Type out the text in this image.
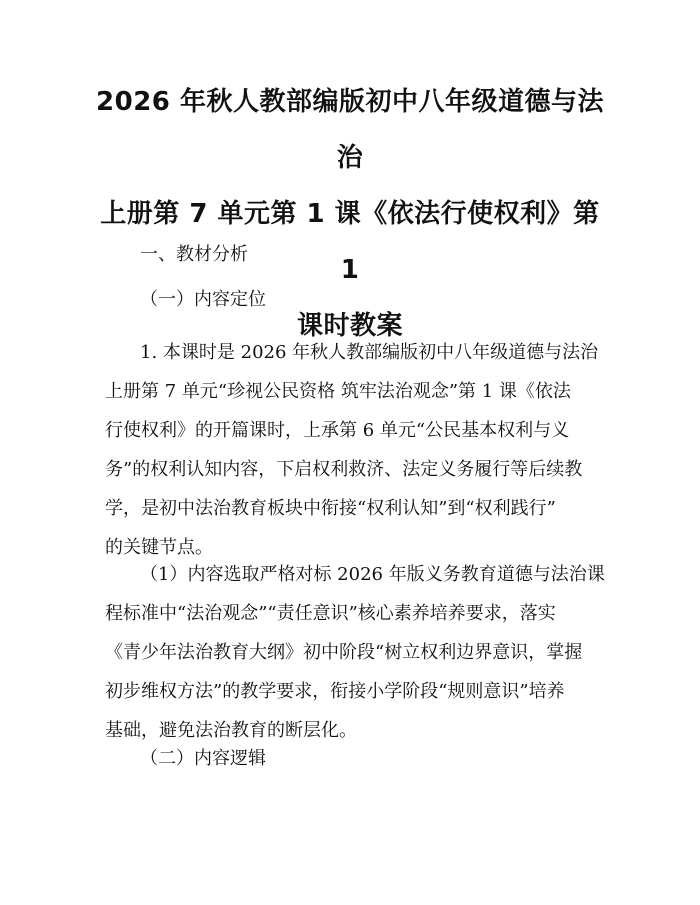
2026 年秋人教部编版初中八年级道德与法治
上册第 7 单元第 1 课《依法行使权利》第 1
课时教案
一、教材分析
（一）内容定位
1. 本课时是 2026 年秋人教部编版初中八年级道德与法治
上册第 7 单元“珍视公民资格 筑牢法治观念”第 1 课《依法
行使权利》的开篇课时，上承第 6 单元“公民基本权利与义
务”的权利认知内容，下启权利救济、法定义务履行等后续教
学，是初中法治教育板块中衔接“权利认知”到“权利践行”
的关键节点。
（1）内容选取严格对标 2026 年版义务教育道德与法治课
程标准中“法治观念”“责任意识”核心素养培养要求，落实
《青少年法治教育大纲》初中阶段“树立权利边界意识，掌握
初步维权方法”的教学要求，衔接小学阶段“规则意识”培养
基础，避免法治教育的断层化。
（二）内容逻辑
